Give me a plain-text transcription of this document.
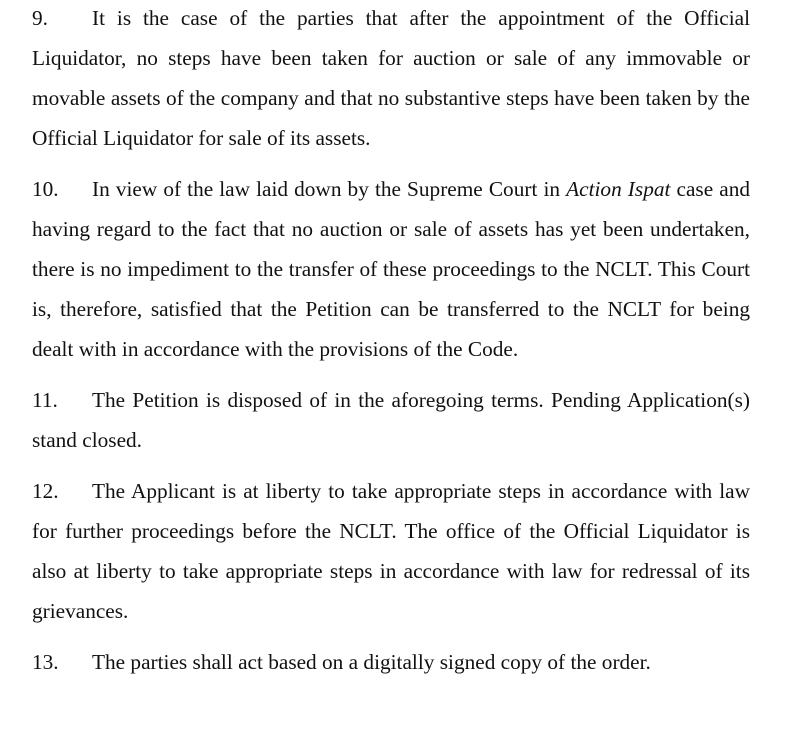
9. It is the case of the parties that after the appointment of the Official Liquidator, no steps have been taken for auction or sale of any immovable or movable assets of the company and that no substantive steps have been taken by the Official Liquidator for sale of its assets.

10. In view of the law laid down by the Supreme Court in Action Ispat case and having regard to the fact that no auction or sale of assets has yet been undertaken, there is no impediment to the transfer of these proceedings to the NCLT. This Court is, therefore, satisfied that the Petition can be transferred to the NCLT for being dealt with in accordance with the provisions of the Code.

11. The Petition is disposed of in the aforegoing terms. Pending Application(s) stand closed.

12. The Applicant is at liberty to take appropriate steps in accordance with law for further proceedings before the NCLT. The office of the Official Liquidator is also at liberty to take appropriate steps in accordance with law for redressal of its grievances.

13. The parties shall act based on a digitally signed copy of the order.
